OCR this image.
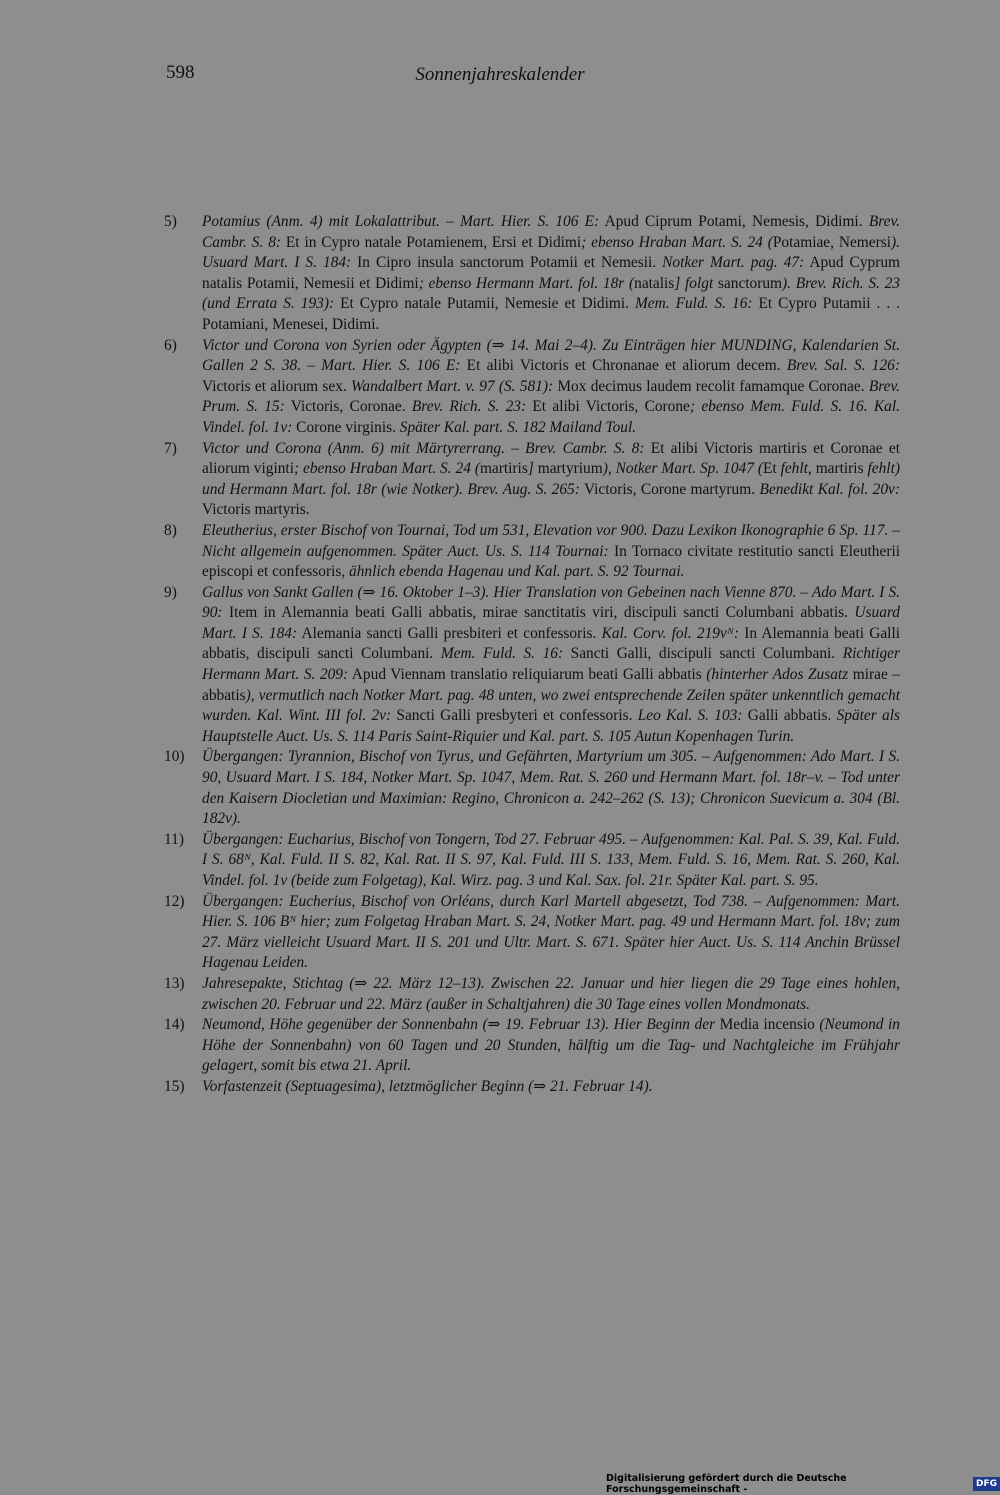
598	Sonnenjahreskalender
5)	Potamius (Anm. 4) mit Lokalattribut. – Mart. Hier. S. 106 E: Apud Ciprum Potami, Nemesis, Didimi. Brev. Cambr. S. 8: Et in Cypro natale Potamienem, Ersi et Didimi; ebenso Hraban Mart. S. 24 (Potamiae, Nemersi). Usuard Mart. I S. 184: In Cipro insula sanctorum Potamii et Nemesii. Notker Mart. pag. 47: Apud Cyprum natalis Potamii, Nemesii et Didimi; ebenso Hermann Mart. fol. 18r (natalis] folgt sanctorum). Brev. Rich. S. 23 (und Errata S. 193): Et Cypro natale Putamii, Nemesie et Didimi. Mem. Fuld. S. 16: Et Cypro Putamii . . . Potamiani, Menesei, Didimi.
6)	Victor und Corona von Syrien oder Ägypten (⇒ 14. Mai 2–4). Zu Einträgen hier MUNDING, Kalendarien St. Gallen 2 S. 38. – Mart. Hier. S. 106 E: Et alibi Victoris et Chronanae et aliorum decem. Brev. Sal. S. 126: Victoris et aliorum sex. Wandalbert Mart. v. 97 (S. 581): Mox decimus laudem recolit famamque Coronae. Brev. Prum. S. 15: Victoris, Coronae. Brev. Rich. S. 23: Et alibi Victoris, Corone; ebenso Mem. Fuld. S. 16. Kal. Vindel. fol. 1v: Corone virginis. Später Kal. part. S. 182 Mailand Toul.
7)	Victor und Corona (Anm. 6) mit Märtyrerrang. – Brev. Cambr. S. 8: Et alibi Victoris martiris et Coronae et aliorum viginti; ebenso Hraban Mart. S. 24 (martiris] martyrium), Notker Mart. Sp. 1047 (Et fehlt, martiris fehlt) und Hermann Mart. fol. 18r (wie Notker). Brev. Aug. S. 265: Victoris, Corone martyrum. Benedikt Kal. fol. 20v: Victoris martyris.
8)	Eleutherius, erster Bischof von Tournai, Tod um 531, Elevation vor 900. Dazu Lexikon Ikonographie 6 Sp. 117. – Nicht allgemein aufgenommen. Später Auct. Us. S. 114 Tournai: In Tornaco civitate restitutio sancti Eleutherii episcopi et confessoris, ähnlich ebenda Hagenau und Kal. part. S. 92 Tournai.
9)	Gallus von Sankt Gallen (⇒ 16. Oktober 1–3). Hier Translation von Gebeinen nach Vienne 870. – Ado Mart. I S. 90: Item in Alemannia beati Galli abbatis, mirae sanctitatis viri, discipuli sancti Columbani abbatis. Usuard Mart. I S. 184: Alemania sancti Galli presbiteri et confessoris. Kal. Corv. fol. 219vᴺ: In Alemannia beati Galli abbatis, discipuli sancti Columbani. Mem. Fuld. S. 16: Sancti Galli, discipuli sancti Columbani. Richtiger Hermann Mart. S. 209: Apud Viennam translatio reliquiarum beati Galli abbatis (hinterher Ados Zusatz mirae – abbatis), vermutlich nach Notker Mart. pag. 48 unten, wo zwei entsprechende Zeilen später unkenntlich gemacht wurden. Kal. Wint. III fol. 2v: Sancti Galli presbyteri et confessoris. Leo Kal. S. 103: Galli abbatis. Später als Hauptstelle Auct. Us. S. 114 Paris Saint-Riquier und Kal. part. S. 105 Autun Kopenhagen Turin.
10)	Übergangen: Tyrannion, Bischof von Tyrus, und Gefährten, Martyrium um 305. – Aufgenommen: Ado Mart. I S. 90, Usuard Mart. I S. 184, Notker Mart. Sp. 1047, Mem. Rat. S. 260 und Hermann Mart. fol. 18r–v. – Tod unter den Kaisern Diocletian und Maximian: Regino, Chronicon a. 242–262 (S. 13); Chronicon Suevicum a. 304 (Bl. 182v).
11)	Übergangen: Eucharius, Bischof von Tongern, Tod 27. Februar 495. – Aufgenommen: Kal. Pal. S. 39, Kal. Fuld. I S. 68ᴺ, Kal. Fuld. II S. 82, Kal. Rat. II S. 97, Kal. Fuld. III S. 133, Mem. Fuld. S. 16, Mem. Rat. S. 260, Kal. Vindel. fol. 1v (beide zum Folgetag), Kal. Wirz. pag. 3 und Kal. Sax. fol. 21r. Später Kal. part. S. 95.
12)	Übergangen: Eucherius, Bischof von Orléans, durch Karl Martell abgesetzt, Tod 738. – Aufgenommen: Mart. Hier. S. 106 Bᴺ hier; zum Folgetag Hraban Mart. S. 24, Notker Mart. pag. 49 und Hermann Mart. fol. 18v; zum 27. März vielleicht Usuard Mart. II S. 201 und Ultr. Mart. S. 671. Später hier Auct. Us. S. 114 Anchin Brüssel Hagenau Leiden.
13)	Jahresepakte, Stichtag (⇒ 22. März 12–13). Zwischen 22. Januar und hier liegen die 29 Tage eines hohlen, zwischen 20. Februar und 22. März (außer in Schaltjahren) die 30 Tage eines vollen Mondmonats.
14)	Neumond, Höhe gegenüber der Sonnenbahn (⇒ 19. Februar 13). Hier Beginn der Media incensio (Neumond in Höhe der Sonnenbahn) von 60 Tagen und 20 Stunden, hälftig um die Tag- und Nachtgleiche im Frühjahr gelagert, somit bis etwa 21. April.
15)	Vorfastenzeit (Septuagesima), letztmöglicher Beginn (⇒ 21. Februar 14).
Digitalisierung gefördert durch die Deutsche Forschungsgemeinschaft -	DFG
